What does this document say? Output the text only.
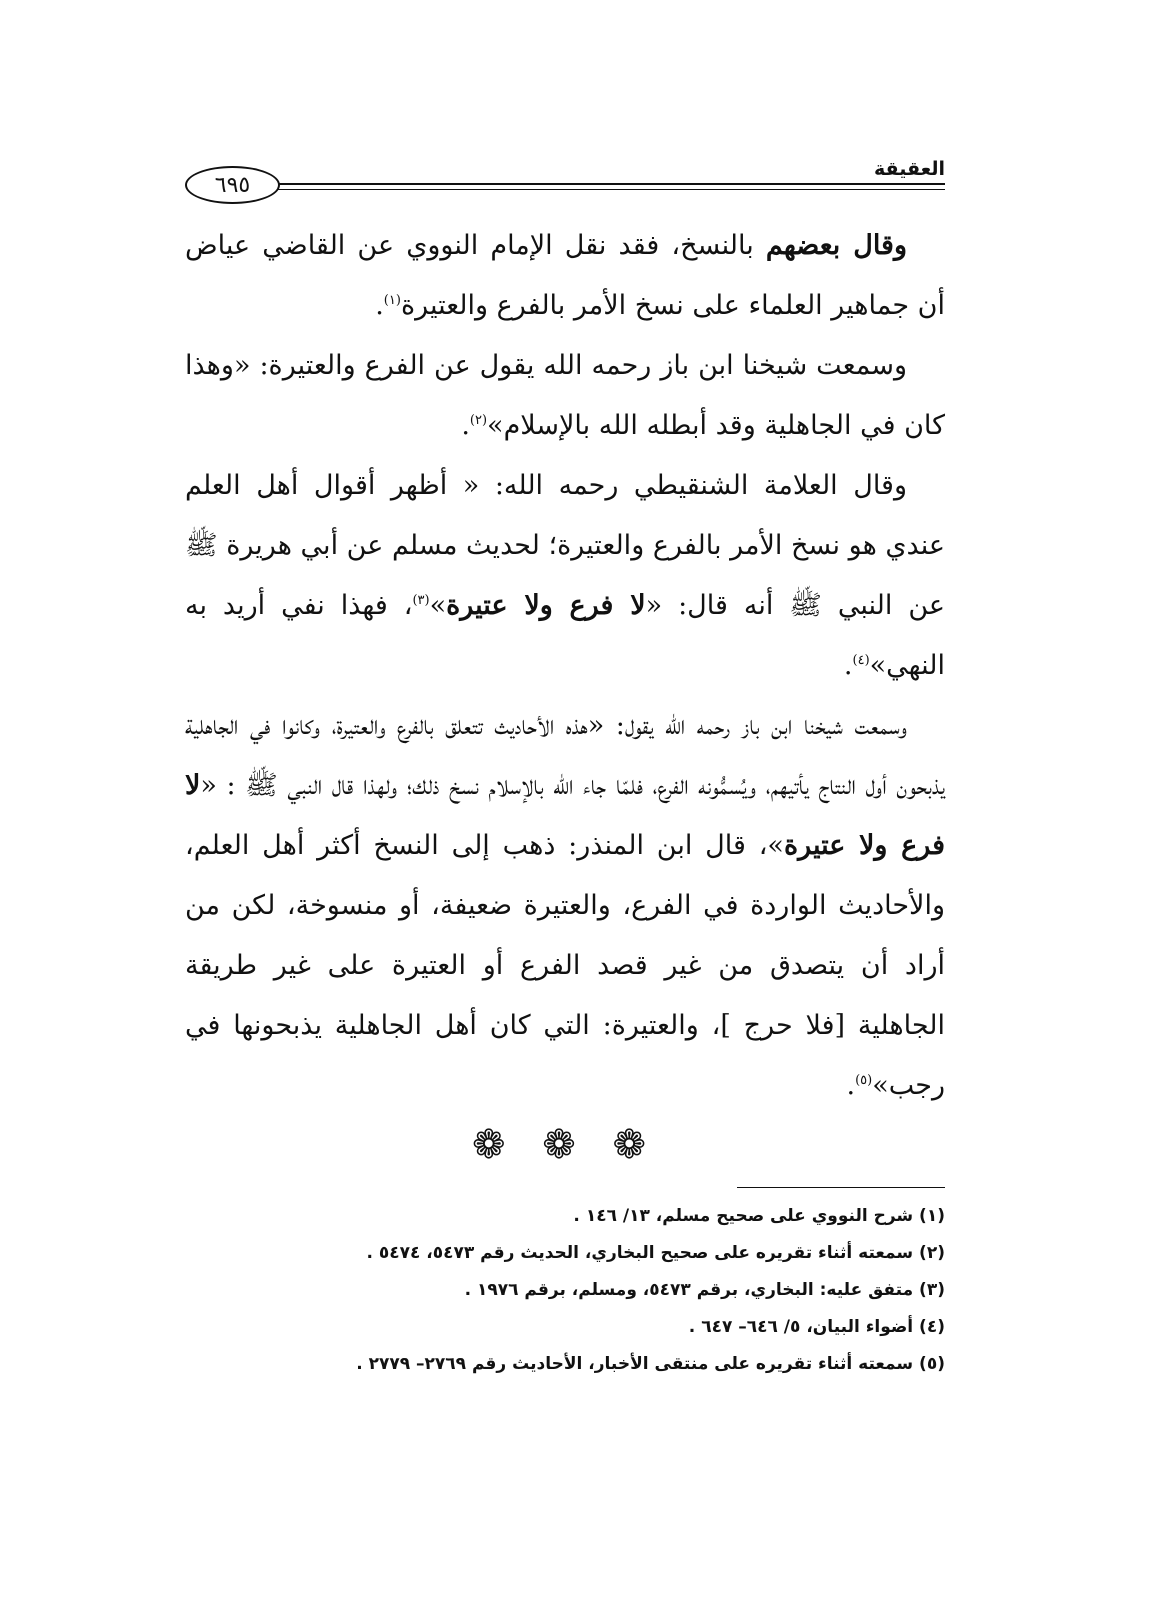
العقيقة
٦٩٥

وقال بعضهم بالنسخ، فقد نقل الإمام النووي عن القاضي عياض أن جماهير العلماء على نسخ الأمر بالفرع والعتيرة$^{(١)}$.

وسمعت شيخنا ابن باز رحمه الله يقول عن الفرع والعتيرة: «وهذا كان في الجاهلية وقد أبطله الله بالإسلام»$^{(٢)}$.

وقال العلامة الشنقيطي رحمه الله: « أظهر أقوال أهل العلم عندي هو نسخ الأمر بالفرع والعتيرة؛ لحديث مسلم عن أبي هريرة ﷺ عن النبي ﷺ أنه قال: «لا فرع ولا عتيرة»$^{(٣)}$، فهذا نفي أريد به النهي»$^{(٤)}$.

وسمعت شيخنا ابن باز رحمه الله يقول: «هذه الأحاديث تتعلق بالفرع والعتيرة، وكانوا في الجاهلية يذبحون أول النتاج يأتيهم، ويُسمُّونه الفرع، فلمّا جاء الله بالإسلام نسخ ذلك؛ ولهذا قال النبي ﷺ : «لا فرع ولا عتيرة»، قال ابن المنذر: ذهب إلى النسخ أكثر أهل العلم، والأحاديث الواردة في الفرع، والعتيرة ضعيفة، أو منسوخة، لكن من أراد أن يتصدق من غير قصد الفرع أو العتيرة على غير طريقة الجاهلية [فلا حرج ]، والعتيرة: التي كان أهل الجاهلية يذبحونها في رجب»$^{(٥)}$.

❁ ❁ ❁
(١) شرح النووي على صحيح مسلم، ١٣/ ١٤٦ .
(٢) سمعته أثناء تقريره على صحيح البخاري، الحديث رقم ٥٤٧٣، ٥٤٧٤ .
(٣) متفق عليه: البخاري، برقم ٥٤٧٣، ومسلم، برقم ١٩٧٦ .
(٤) أضواء البيان، ٥/ ٦٤٦– ٦٤٧ .
(٥) سمعته أثناء تقريره على منتقى الأخبار، الأحاديث رقم ٢٧٦٩– ٢٧٧٩ .
